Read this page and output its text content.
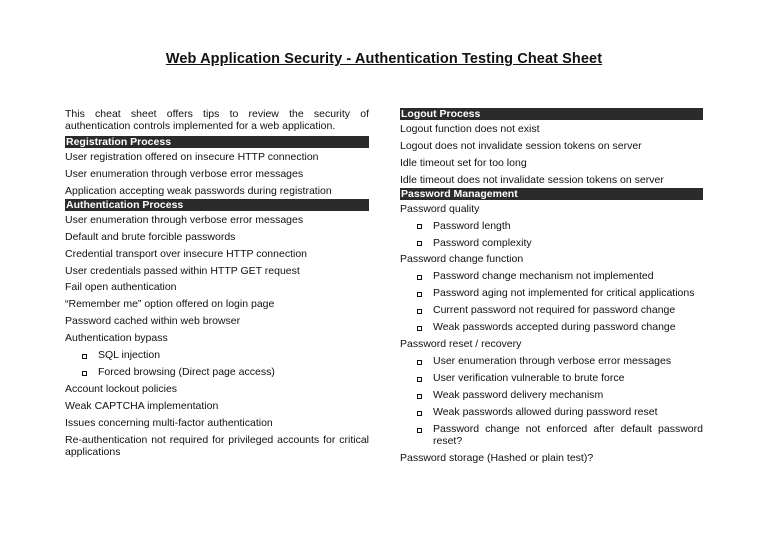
Web Application Security - Authentication Testing Cheat Sheet
This cheat sheet offers tips to review the security of authentication controls implemented for a web application.
Registration Process
User registration offered on insecure HTTP connection
User enumeration through verbose error messages
Application accepting weak passwords during registration
Authentication Process
User enumeration through verbose error messages
Default and brute forcible passwords
Credential transport over insecure HTTP connection
User credentials passed within HTTP GET request
Fail open authentication
“Remember me” option offered on login page
Password cached within web browser
Authentication bypass
SQL injection
Forced browsing (Direct page access)
Account lockout policies
Weak CAPTCHA implementation
Issues concerning multi-factor authentication
Re-authentication not required for privileged accounts for critical applications
Logout Process
Logout function does not exist
Logout does not invalidate session tokens on server
Idle timeout set for too long
Idle timeout does not invalidate session tokens on server
Password Management
Password quality
Password length
Password complexity
Password change function
Password change mechanism not implemented
Password aging not implemented for critical applications
Current password not required for password change
Weak passwords accepted during password change
Password reset / recovery
User enumeration through verbose error messages
User verification vulnerable to brute force
Weak password delivery mechanism
Weak passwords allowed during password reset
Password change not enforced after default password reset?
Password storage (Hashed or plain test)?
